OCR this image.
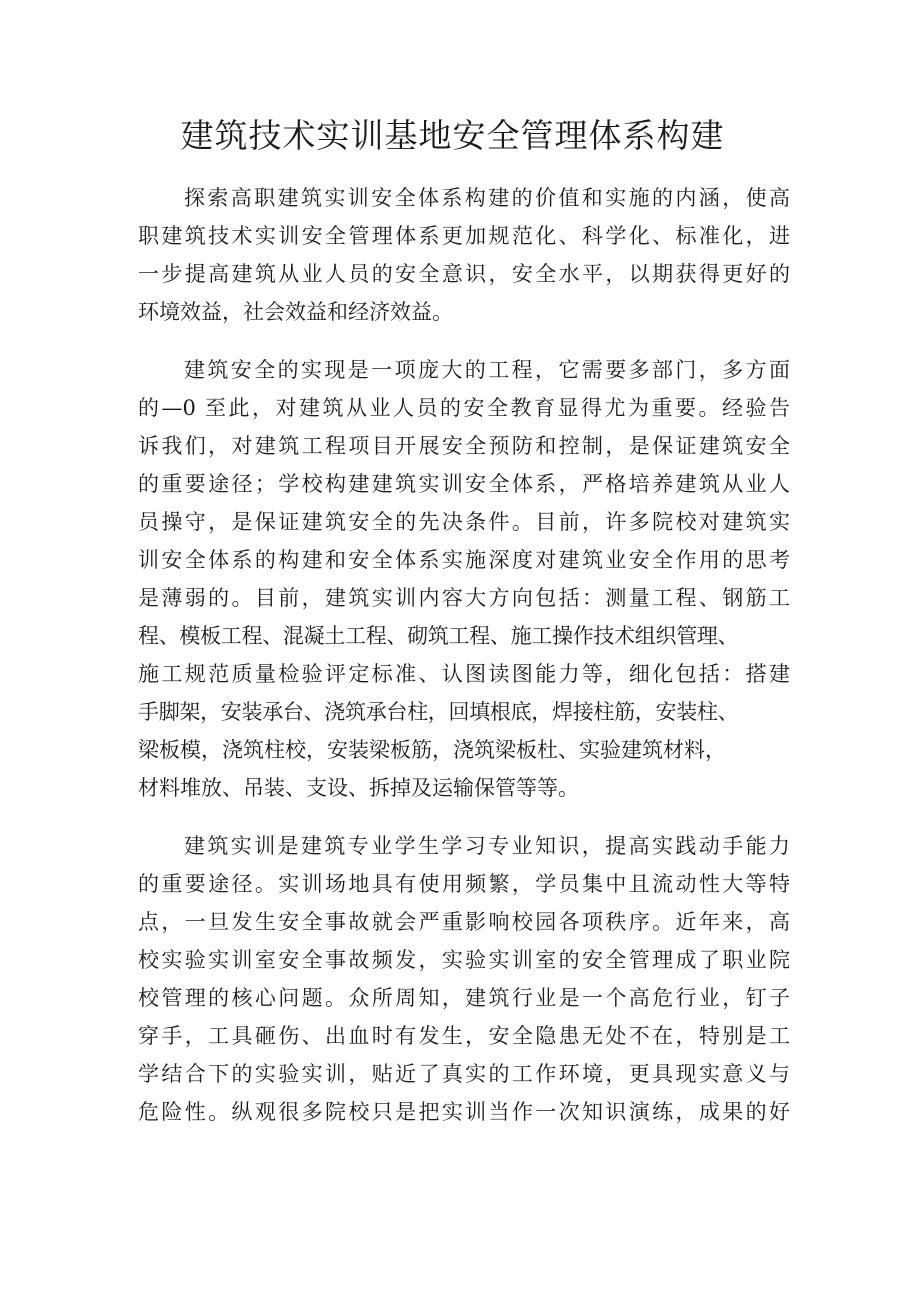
建筑技术实训基地安全管理体系构建
探索高职建筑实训安全体系构建的价值和实施的内涵，使高
职建筑技术实训安全管理体系更加规范化、科学化、标准化，进
一步提高建筑从业人员的安全意识，安全水平，以期获得更好的
环境效益，社会效益和经济效益。
建筑安全的实现是一项庞大的工程，它需要多部门，多方面
的—0 至此，对建筑从业人员的安全教育显得尤为重要。经验告
诉我们，对建筑工程项目开展安全预防和控制，是保证建筑安全
的重要途径；学校构建建筑实训安全体系，严格培养建筑从业人
员操守，是保证建筑安全的先决条件。目前，许多院校对建筑实
训安全体系的构建和安全体系实施深度对建筑业安全作用的思考
是薄弱的。目前，建筑实训内容大方向包括：测量工程、钢筋工
程、模板工程、混凝土工程、砌筑工程、施工操作技术组织管理、
施工规范质量检验评定标准、认图读图能力等，细化包括：搭建
手脚架，安装承台、浇筑承台柱，回填根底，焊接柱筋，安装柱、
梁板模，浇筑柱校，安装梁板筋，浇筑梁板杜、实验建筑材料，
材料堆放、吊装、支设、拆掉及运输保管等等。
建筑实训是建筑专业学生学习专业知识，提高实践动手能力
的重要途径。实训场地具有使用频繁，学员集中且流动性大等特
点，一旦发生安全事故就会严重影响校园各项秩序。近年来，高
校实验实训室安全事故频发，实验实训室的安全管理成了职业院
校管理的核心问题。众所周知，建筑行业是一个高危行业，钉子
穿手，工具砸伤、出血时有发生，安全隐患无处不在，特别是工
学结合下的实验实训，贴近了真实的工作环境，更具现实意义与
危险性。纵观很多院校只是把实训当作一次知识演练，成果的好
